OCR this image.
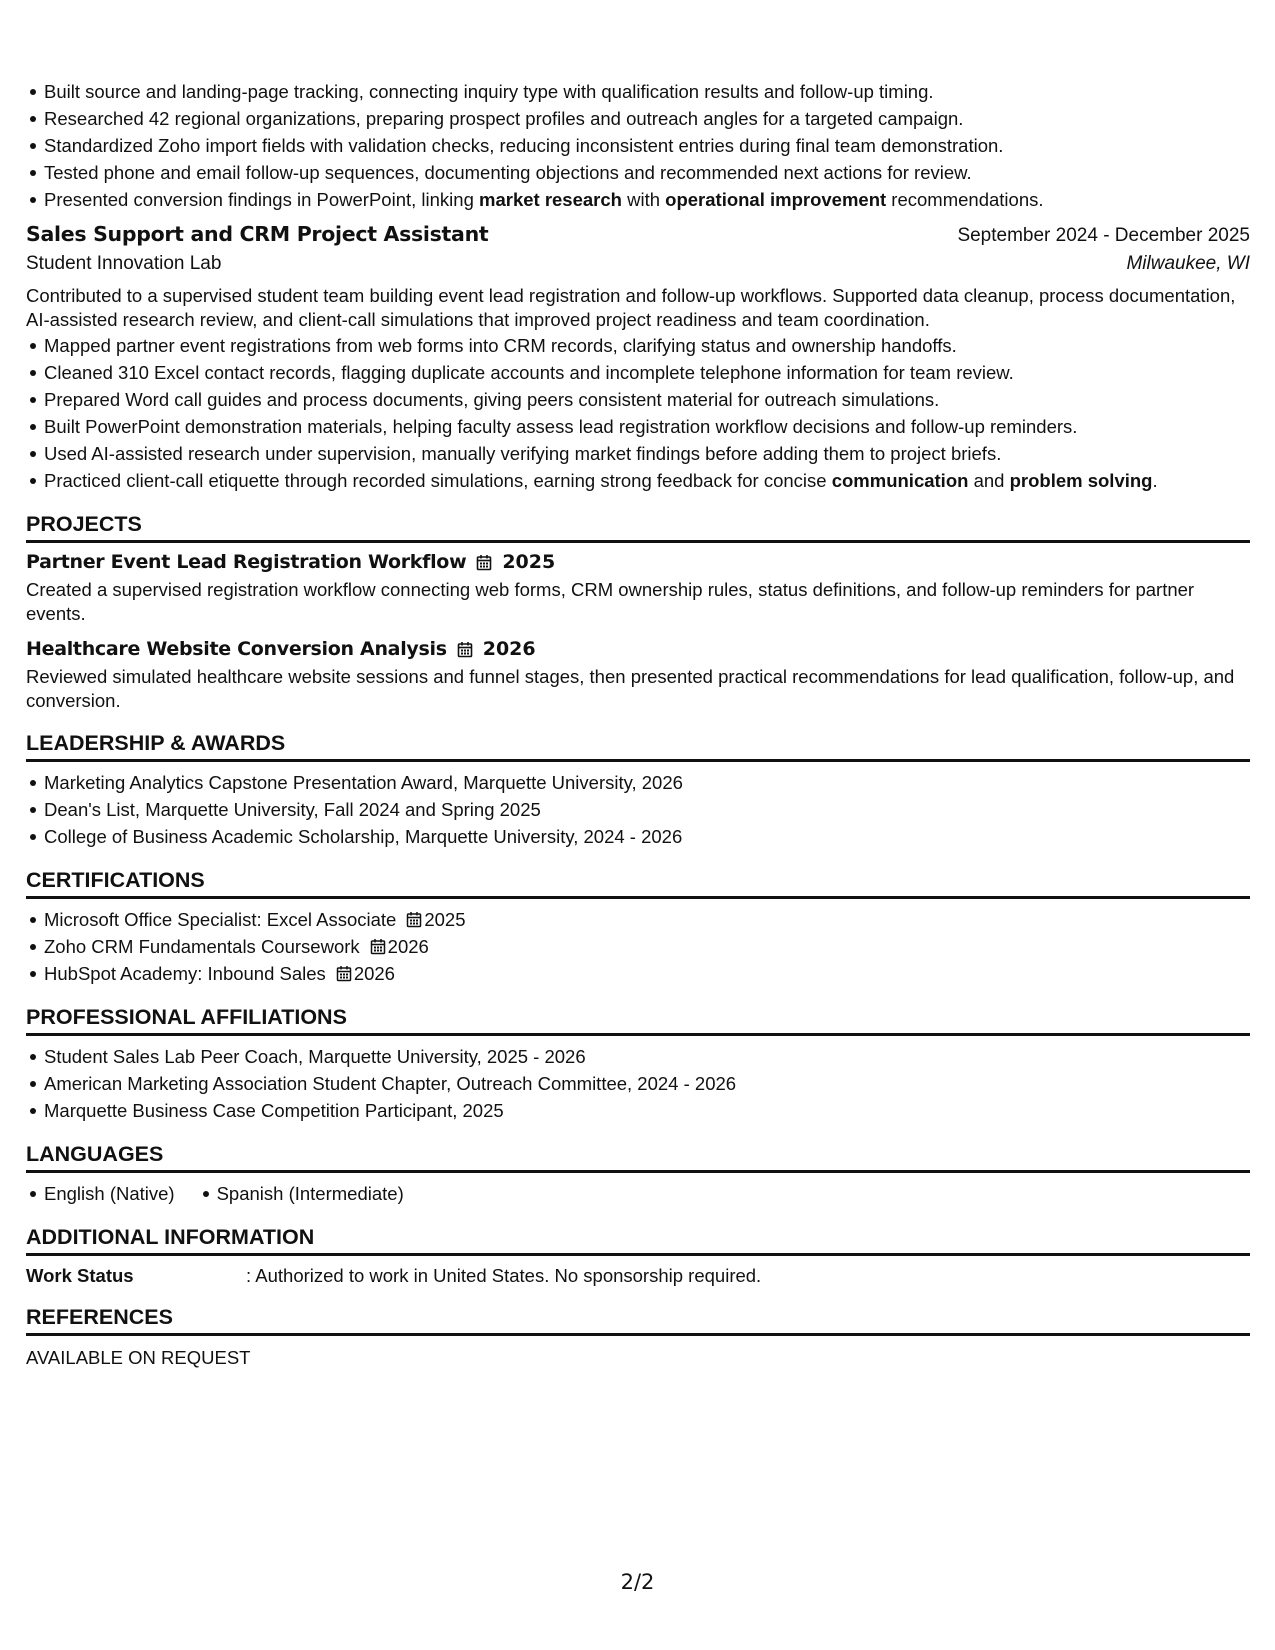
Built source and landing-page tracking, connecting inquiry type with qualification results and follow-up timing.
Researched 42 regional organizations, preparing prospect profiles and outreach angles for a targeted campaign.
Standardized Zoho import fields with validation checks, reducing inconsistent entries during final team demonstration.
Tested phone and email follow-up sequences, documenting objections and recommended next actions for review.
Presented conversion findings in PowerPoint, linking market research with operational improvement recommendations.
Sales Support and CRM Project Assistant	September 2024 - December 2025
Student Innovation Lab	Milwaukee, WI
Contributed to a supervised student team building event lead registration and follow-up workflows. Supported data cleanup, process documentation, AI-assisted research review, and client-call simulations that improved project readiness and team coordination.
Mapped partner event registrations from web forms into CRM records, clarifying status and ownership handoffs.
Cleaned 310 Excel contact records, flagging duplicate accounts and incomplete telephone information for team review.
Prepared Word call guides and process documents, giving peers consistent material for outreach simulations.
Built PowerPoint demonstration materials, helping faculty assess lead registration workflow decisions and follow-up reminders.
Used AI-assisted research under supervision, manually verifying market findings before adding them to project briefs.
Practiced client-call etiquette through recorded simulations, earning strong feedback for concise communication and problem solving.
PROJECTS
Partner Event Lead Registration Workflow 2025
Created a supervised registration workflow connecting web forms, CRM ownership rules, status definitions, and follow-up reminders for partner events.
Healthcare Website Conversion Analysis 2026
Reviewed simulated healthcare website sessions and funnel stages, then presented practical recommendations for lead qualification, follow-up, and conversion.
LEADERSHIP & AWARDS
Marketing Analytics Capstone Presentation Award, Marquette University, 2026
Dean's List, Marquette University, Fall 2024 and Spring 2025
College of Business Academic Scholarship, Marquette University, 2024 - 2026
CERTIFICATIONS
Microsoft Office Specialist: Excel Associate 2025
Zoho CRM Fundamentals Coursework 2026
HubSpot Academy: Inbound Sales 2026
PROFESSIONAL AFFILIATIONS
Student Sales Lab Peer Coach, Marquette University, 2025 - 2026
American Marketing Association Student Chapter, Outreach Committee, 2024 - 2026
Marquette Business Case Competition Participant, 2025
LANGUAGES
English (Native)	Spanish (Intermediate)
ADDITIONAL INFORMATION
Work Status	: Authorized to work in United States. No sponsorship required.
REFERENCES
AVAILABLE ON REQUEST
2/2
